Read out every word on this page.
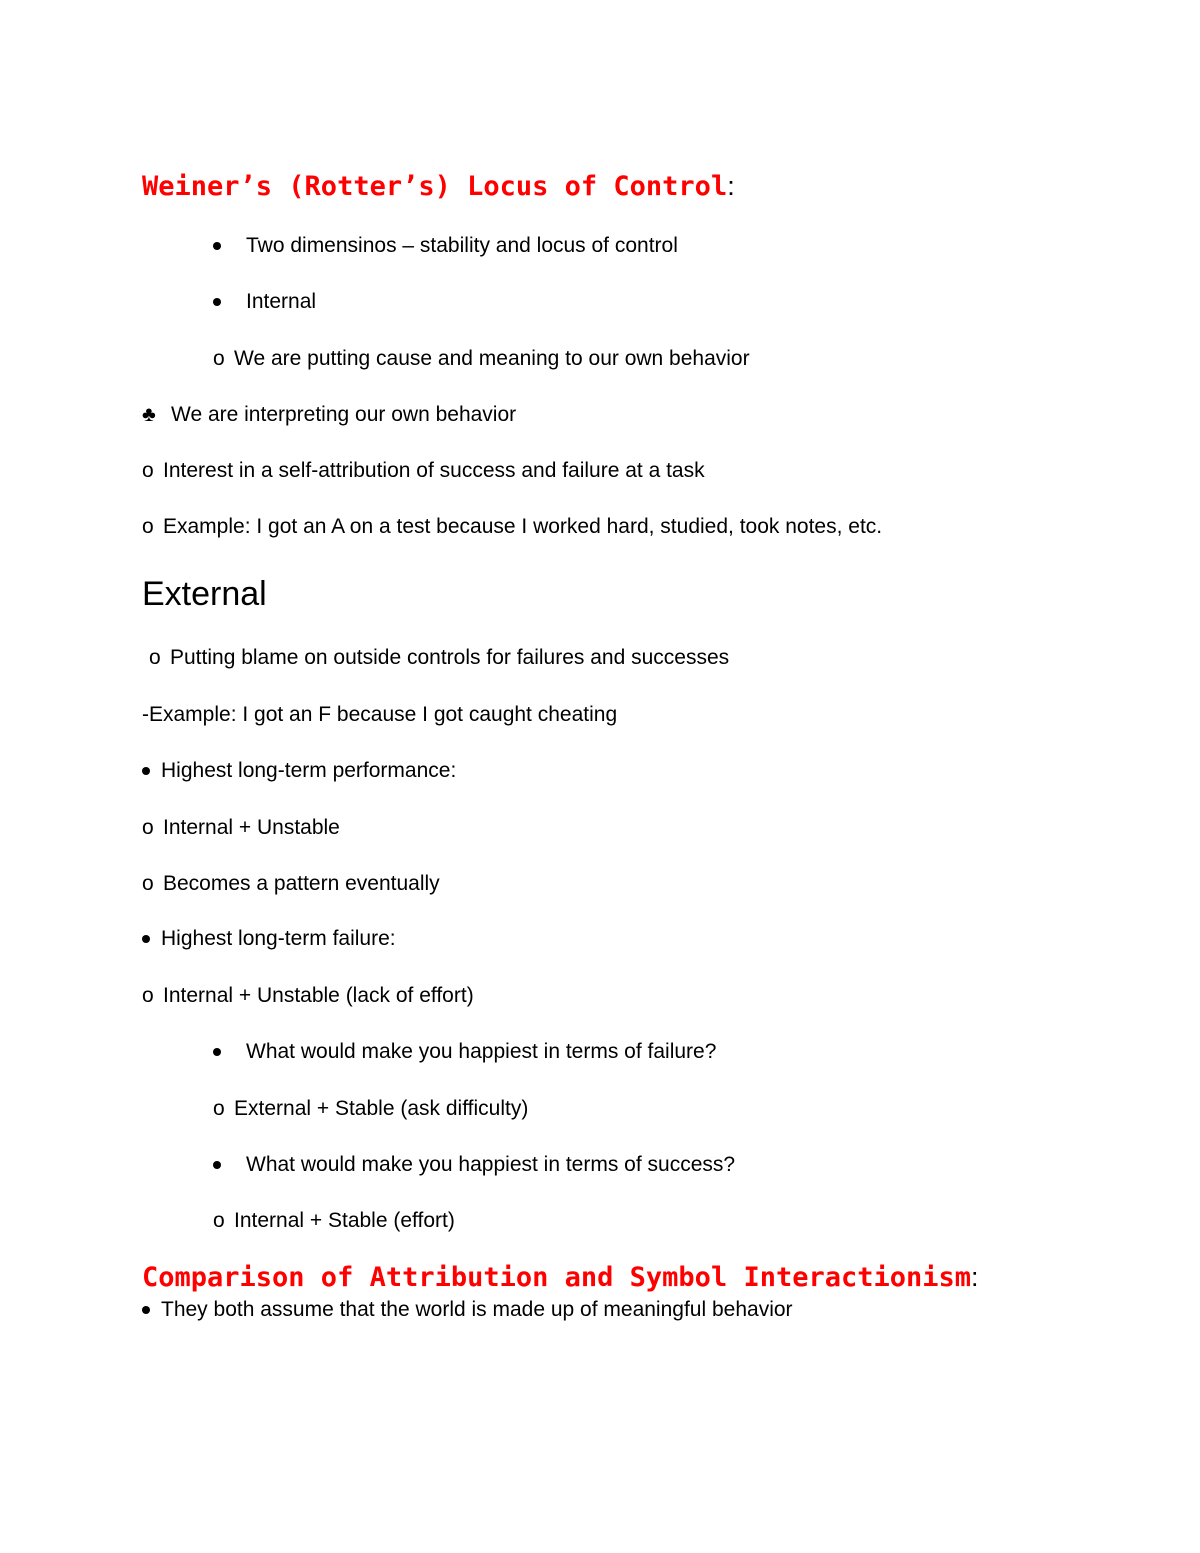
Weiner’s (Rotter’s) Locus of Control:
Two dimensinos – stability and locus of control
Internal
o We are putting cause and meaning to our own behavior
♣ We are interpreting our own behavior
o Interest in a self-attribution of success and failure at a task
o Example: I got an A on a test because I worked hard, studied, took notes, etc.
External
o Putting blame on outside controls for failures and successes
-Example: I got an F because I got caught cheating
Highest long-term performance:
o Internal + Unstable
o Becomes a pattern eventually
Highest long-term failure:
o Internal + Unstable (lack of effort)
What would make you happiest in terms of failure?
o External + Stable (ask difficulty)
What would make you happiest in terms of success?
o Internal + Stable (effort)
Comparison of Attribution and Symbol Interactionism:
They both assume that the world is made up of meaningful behavior
